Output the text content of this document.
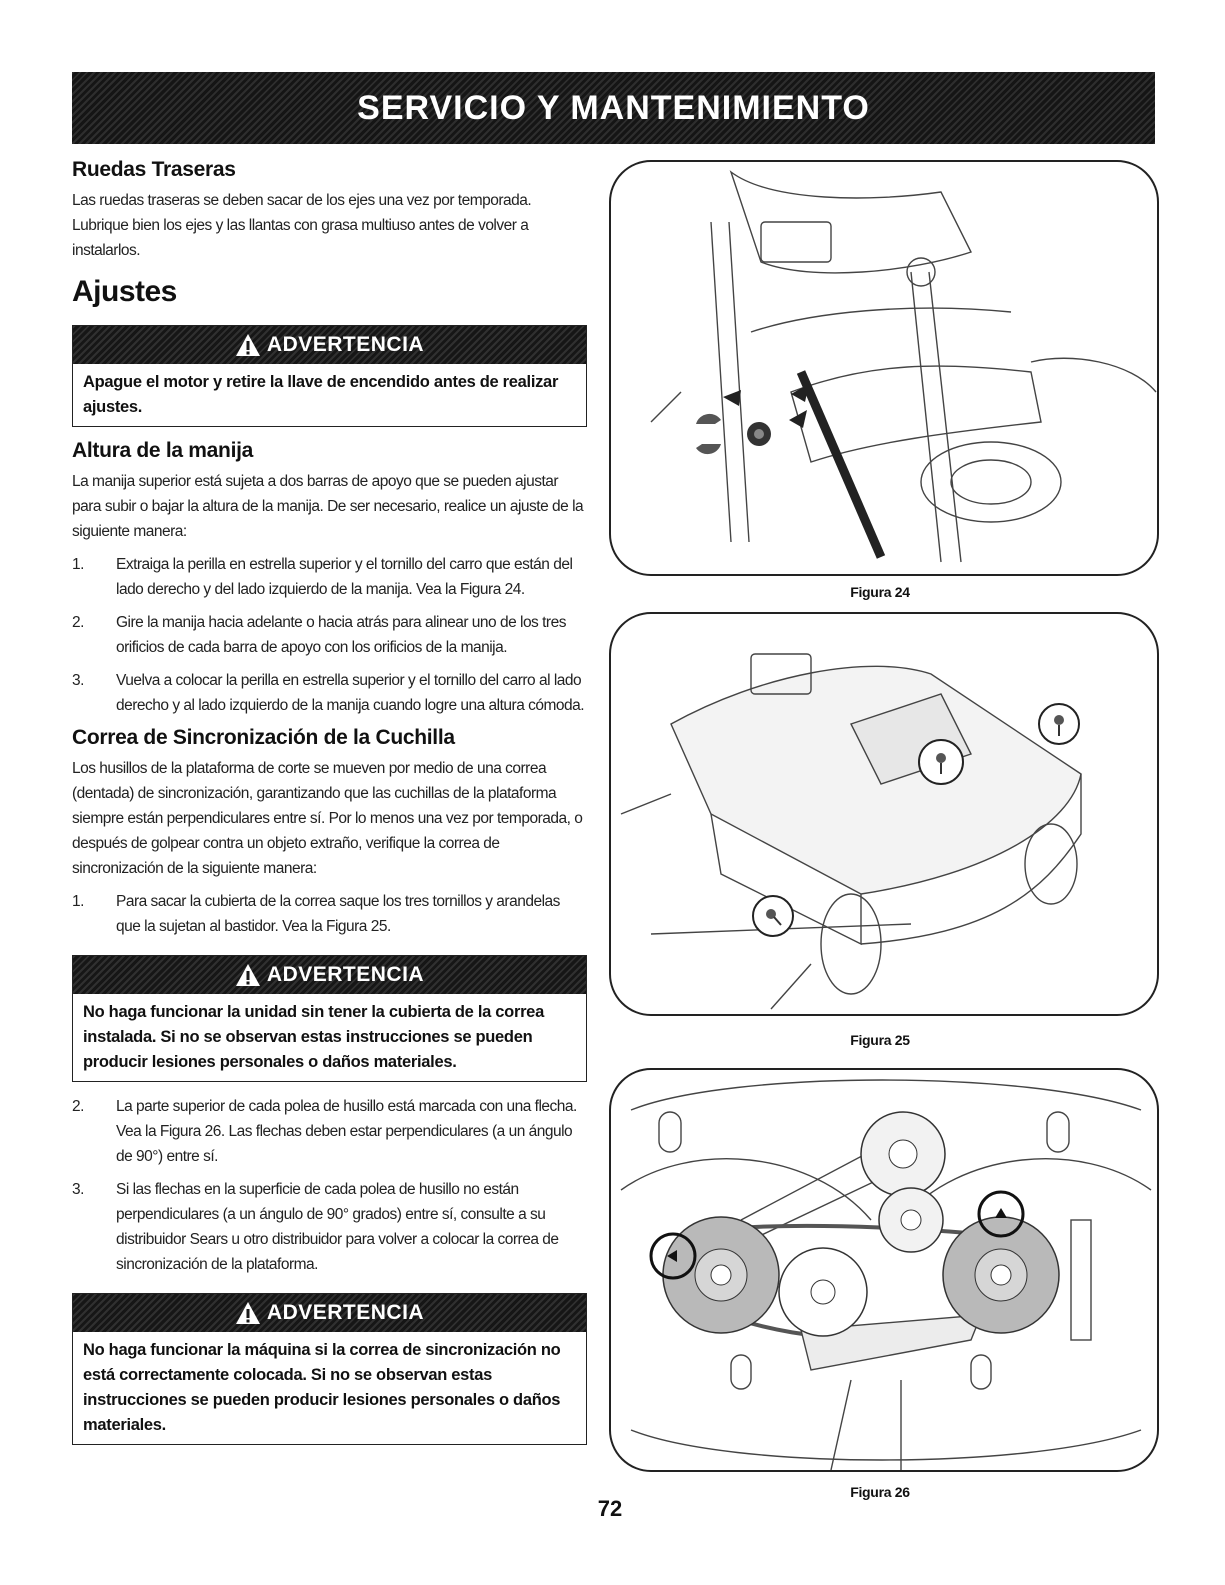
SERVICIO Y MANTENIMIENTO
Ruedas Traseras

Las ruedas traseras se deben sacar de los ejes una vez por temporada. Lubrique bien los ejes y las llantas con grasa multiuso antes de volver a instalarlos.

Ajustes
ADVERTENCIA
Apague el motor y retire la llave de encendido antes de realizar ajustes.
Altura de la manija

La manija superior está sujeta a dos barras de apoyo que se pueden ajustar para subir o bajar la altura de la manija. De ser necesario, realice un ajuste de la siguiente manera:

1.	Extraiga la perilla en estrella superior y el tornillo del carro que están del lado derecho y del lado izquierdo de la manija. Vea la Figura 24.
2.	Gire la manija hacia adelante o hacia atrás para alinear uno de los tres orificios de cada barra de apoyo con los orificios de la manija.
3.	Vuelva a colocar la perilla en estrella superior y el tornillo del carro al lado derecho y al lado izquierdo de la manija cuando logre una altura cómoda.
Correa de Sincronización de la Cuchilla

Los husillos de la plataforma de corte se mueven por medio de una correa (dentada) de sincronización, garantizando que las cuchillas de la plataforma siempre están perpendiculares entre sí. Por lo menos una vez por temporada, o después de golpear contra un objeto extraño, verifique la correa de sincronización de la siguiente manera:

1.	Para sacar la cubierta de la correa saque los tres tornillos y arandelas que la sujetan al bastidor. Vea la Figura 25.
ADVERTENCIA
No haga funcionar la unidad sin tener la cubierta de la correa instalada. Si no se observan estas instrucciones se pueden producir lesiones personales o daños materiales.
2.	La parte superior de cada polea de husillo está marcada con una flecha. Vea la Figura 26. Las flechas deben estar perpendiculares (a un ángulo de 90°) entre sí.
3.	Si las flechas en la superficie de cada polea de husillo no están perpendiculares (a un ángulo de 90° grados) entre sí, consulte a su distribuidor Sears u otro distribuidor para volver a colocar la correa de sincronización de la plataforma.
ADVERTENCIA
No haga funcionar la máquina si la correa de sincronización no está correctamente colocada. Si no se observan estas instrucciones se pueden producir lesiones personales o daños materiales.
Figura 24
Figura 25
Figura 26
72
